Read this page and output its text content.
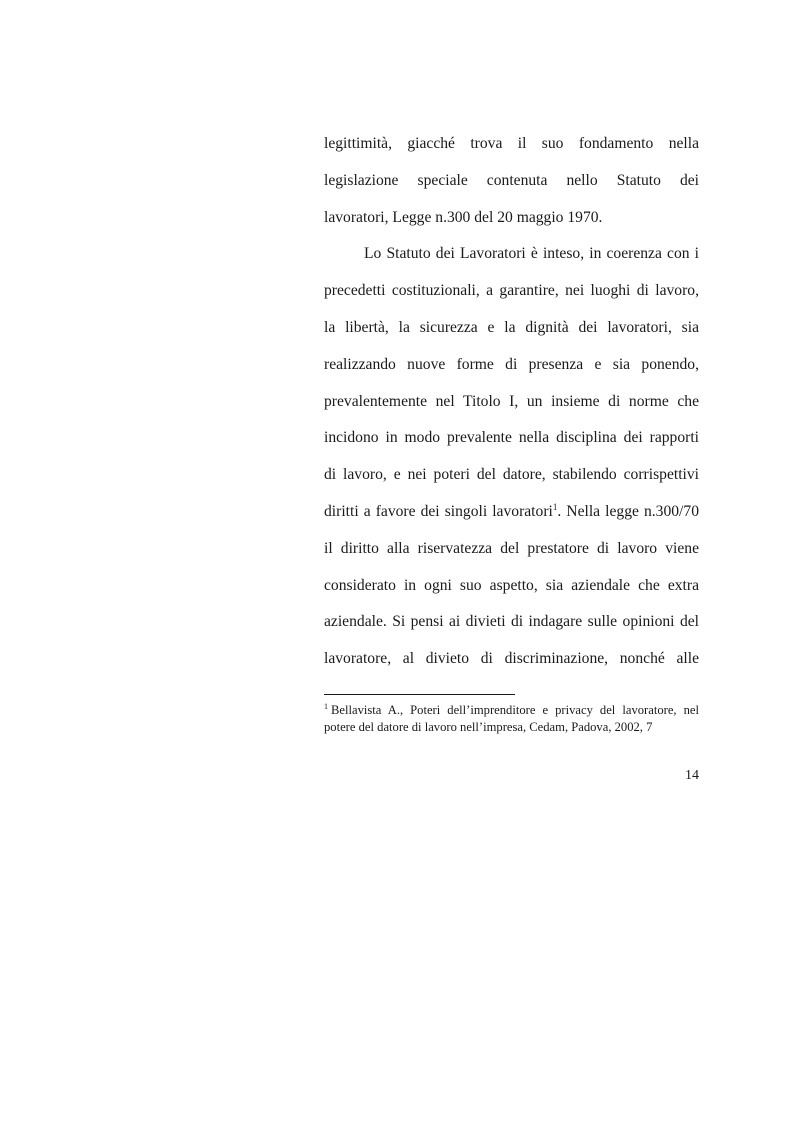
legittimità, giacché trova il suo fondamento nella
legislazione speciale contenuta nello Statuto dei
lavoratori, Legge n.300 del 20 maggio 1970.
Lo Statuto dei Lavoratori è inteso, in coerenza con i
precedetti costituzionali, a garantire, nei luoghi di lavoro,
la libertà, la sicurezza e la dignità dei lavoratori, sia
realizzando nuove forme di presenza e sia ponendo,
prevalentemente nel Titolo I, un insieme di norme che
incidono in modo prevalente nella disciplina dei rapporti
di lavoro, e nei poteri del datore, stabilendo corrispettivi
diritti a favore dei singoli lavoratori$^1$. Nella legge n.300/70
il diritto alla riservatezza del prestatore di lavoro viene
considerato in ogni suo aspetto, sia aziendale che extra
aziendale. Si pensi ai divieti di indagare sulle opinioni del
lavoratore, al divieto di discriminazione, nonché alle
$^1$ Bellavista A., Poteri dell’imprenditore e privacy del lavoratore, nel
potere del datore di lavoro nell’impresa, Cedam, Padova, 2002, 7
14
